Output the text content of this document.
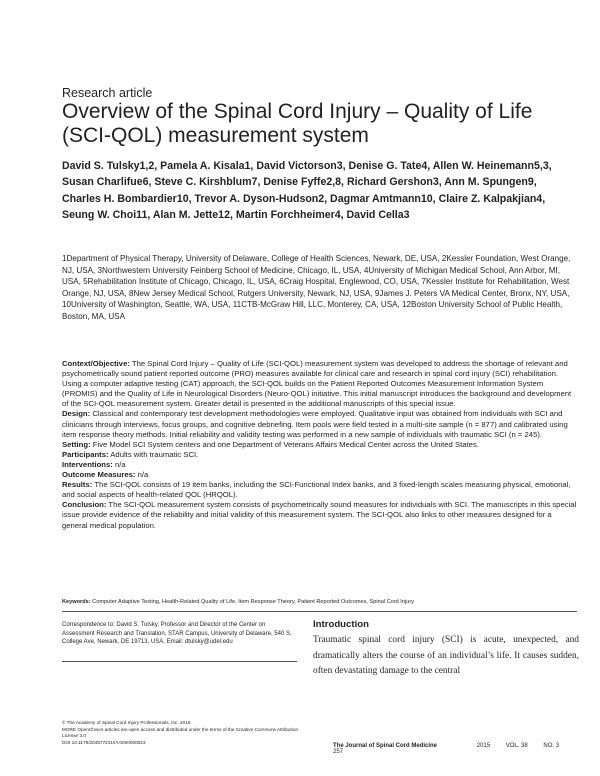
Research article
Overview of the Spinal Cord Injury – Quality of Life (SCI-QOL) measurement system
David S. Tulsky1,2, Pamela A. Kisala1, David Victorson3, Denise G. Tate4, Allen W. Heinemann5,3, Susan Charlifue6, Steve C. Kirshblum7, Denise Fyffe2,8, Richard Gershon3, Ann M. Spungen9, Charles H. Bombardier10, Trevor A. Dyson-Hudson2, Dagmar Amtmann10, Claire Z. Kalpakjian4, Seung W. Choi11, Alan M. Jette12, Martin Forchheimer4, David Cella3
1Department of Physical Therapy, University of Delaware, College of Health Sciences, Newark, DE, USA, 2Kessler Foundation, West Orange, NJ, USA, 3Northwestern University Feinberg School of Medicine, Chicago, IL, USA, 4University of Michigan Medical School, Ann Arbor, MI, USA, 5Rehabilitation Institute of Chicago, Chicago, IL, USA, 6Craig Hospital, Englewood, CO, USA, 7Kessler Institute for Rehabilitation, West Orange, NJ, USA, 8New Jersey Medical School, Rutgers University, Newark, NJ, USA, 9James J. Peters VA Medical Center, Bronx, NY, USA, 10University of Washington, Seattle, WA, USA, 11CTB-McGraw Hill, LLC, Monterey, CA, USA, 12Boston University School of Public Health, Boston, MA, USA

Context/Objective: The Spinal Cord Injury – Quality of Life (SCI-QOL) measurement system was developed to address the shortage of relevant and psychometrically sound patient reported outcome (PRO) measures available for clinical care and research in spinal cord injury (SCI) rehabilitation. Using a computer adaptive testing (CAT) approach, the SCI-QOL builds on the Patient Reported Outcomes Measurement Information System (PROMIS) and the Quality of Life in Neurological Disorders (Neuro-QOL) initiative. This initial manuscript introduces the background and development of the SCI-QOL measurement system. Greater detail is presented in the additional manuscripts of this special issue.

Design: Classical and contemporary test development methodologies were employed. Qualitative input was obtained from individuals with SCI and clinicians through interviews, focus groups, and cognitive debriefing. Item pools were field tested in a multi-site sample (n = 877) and calibrated using item response theory methods. Initial reliability and validity testing was performed in a new sample of individuals with traumatic SCI (n = 245).

Setting: Five Model SCI System centers and one Department of Veterans Affairs Medical Center across the United States.

Participants: Adults with traumatic SCI.

Interventions: n/a

Outcome Measures: n/a

Results: The SCI-QOL consists of 19 item banks, including the SCI-Functional Index banks, and 3 fixed-length scales measuring physical, emotional, and social aspects of health-related QOL (HRQOL).

Conclusion: The SCI-QOL measurement system consists of psychometrically sound measures for individuals with SCI. The manuscripts in this special issue provide evidence of the reliability and initial validity of this measurement system. The SCI-QOL also links to other measures designed for a general medical population.

Keywords: Computer Adaptive Testing, Health-Related Quality of Life, Item Response Theory, Patient Reported Outcomes, Spinal Cord Injury
Correspondence to: David S. Tulsky, Professor and Director of the Center on Assessment Research and Translation, STAR Campus, University of Delaware, 540 S. College Ave, Newark, DE 19713, USA. Email: dtulsky@udel.edu
Introduction
Traumatic spinal cord injury (SCI) is acute, unexpected, and dramatically alters the course of an individual’s life. It causes sudden, often devastating damage to the central
© The Academy of Spinal Cord Injury Professionals, Inc. 2015
MORE OpenChoice articles are open access and distributed under the terms of the Creative Commons Attribution License 3.0
DOI 10.1179/2045772315Y.0000000023
The Journal of Spinal Cord Medicine	2015	VOL. 38	NO. 3 257
